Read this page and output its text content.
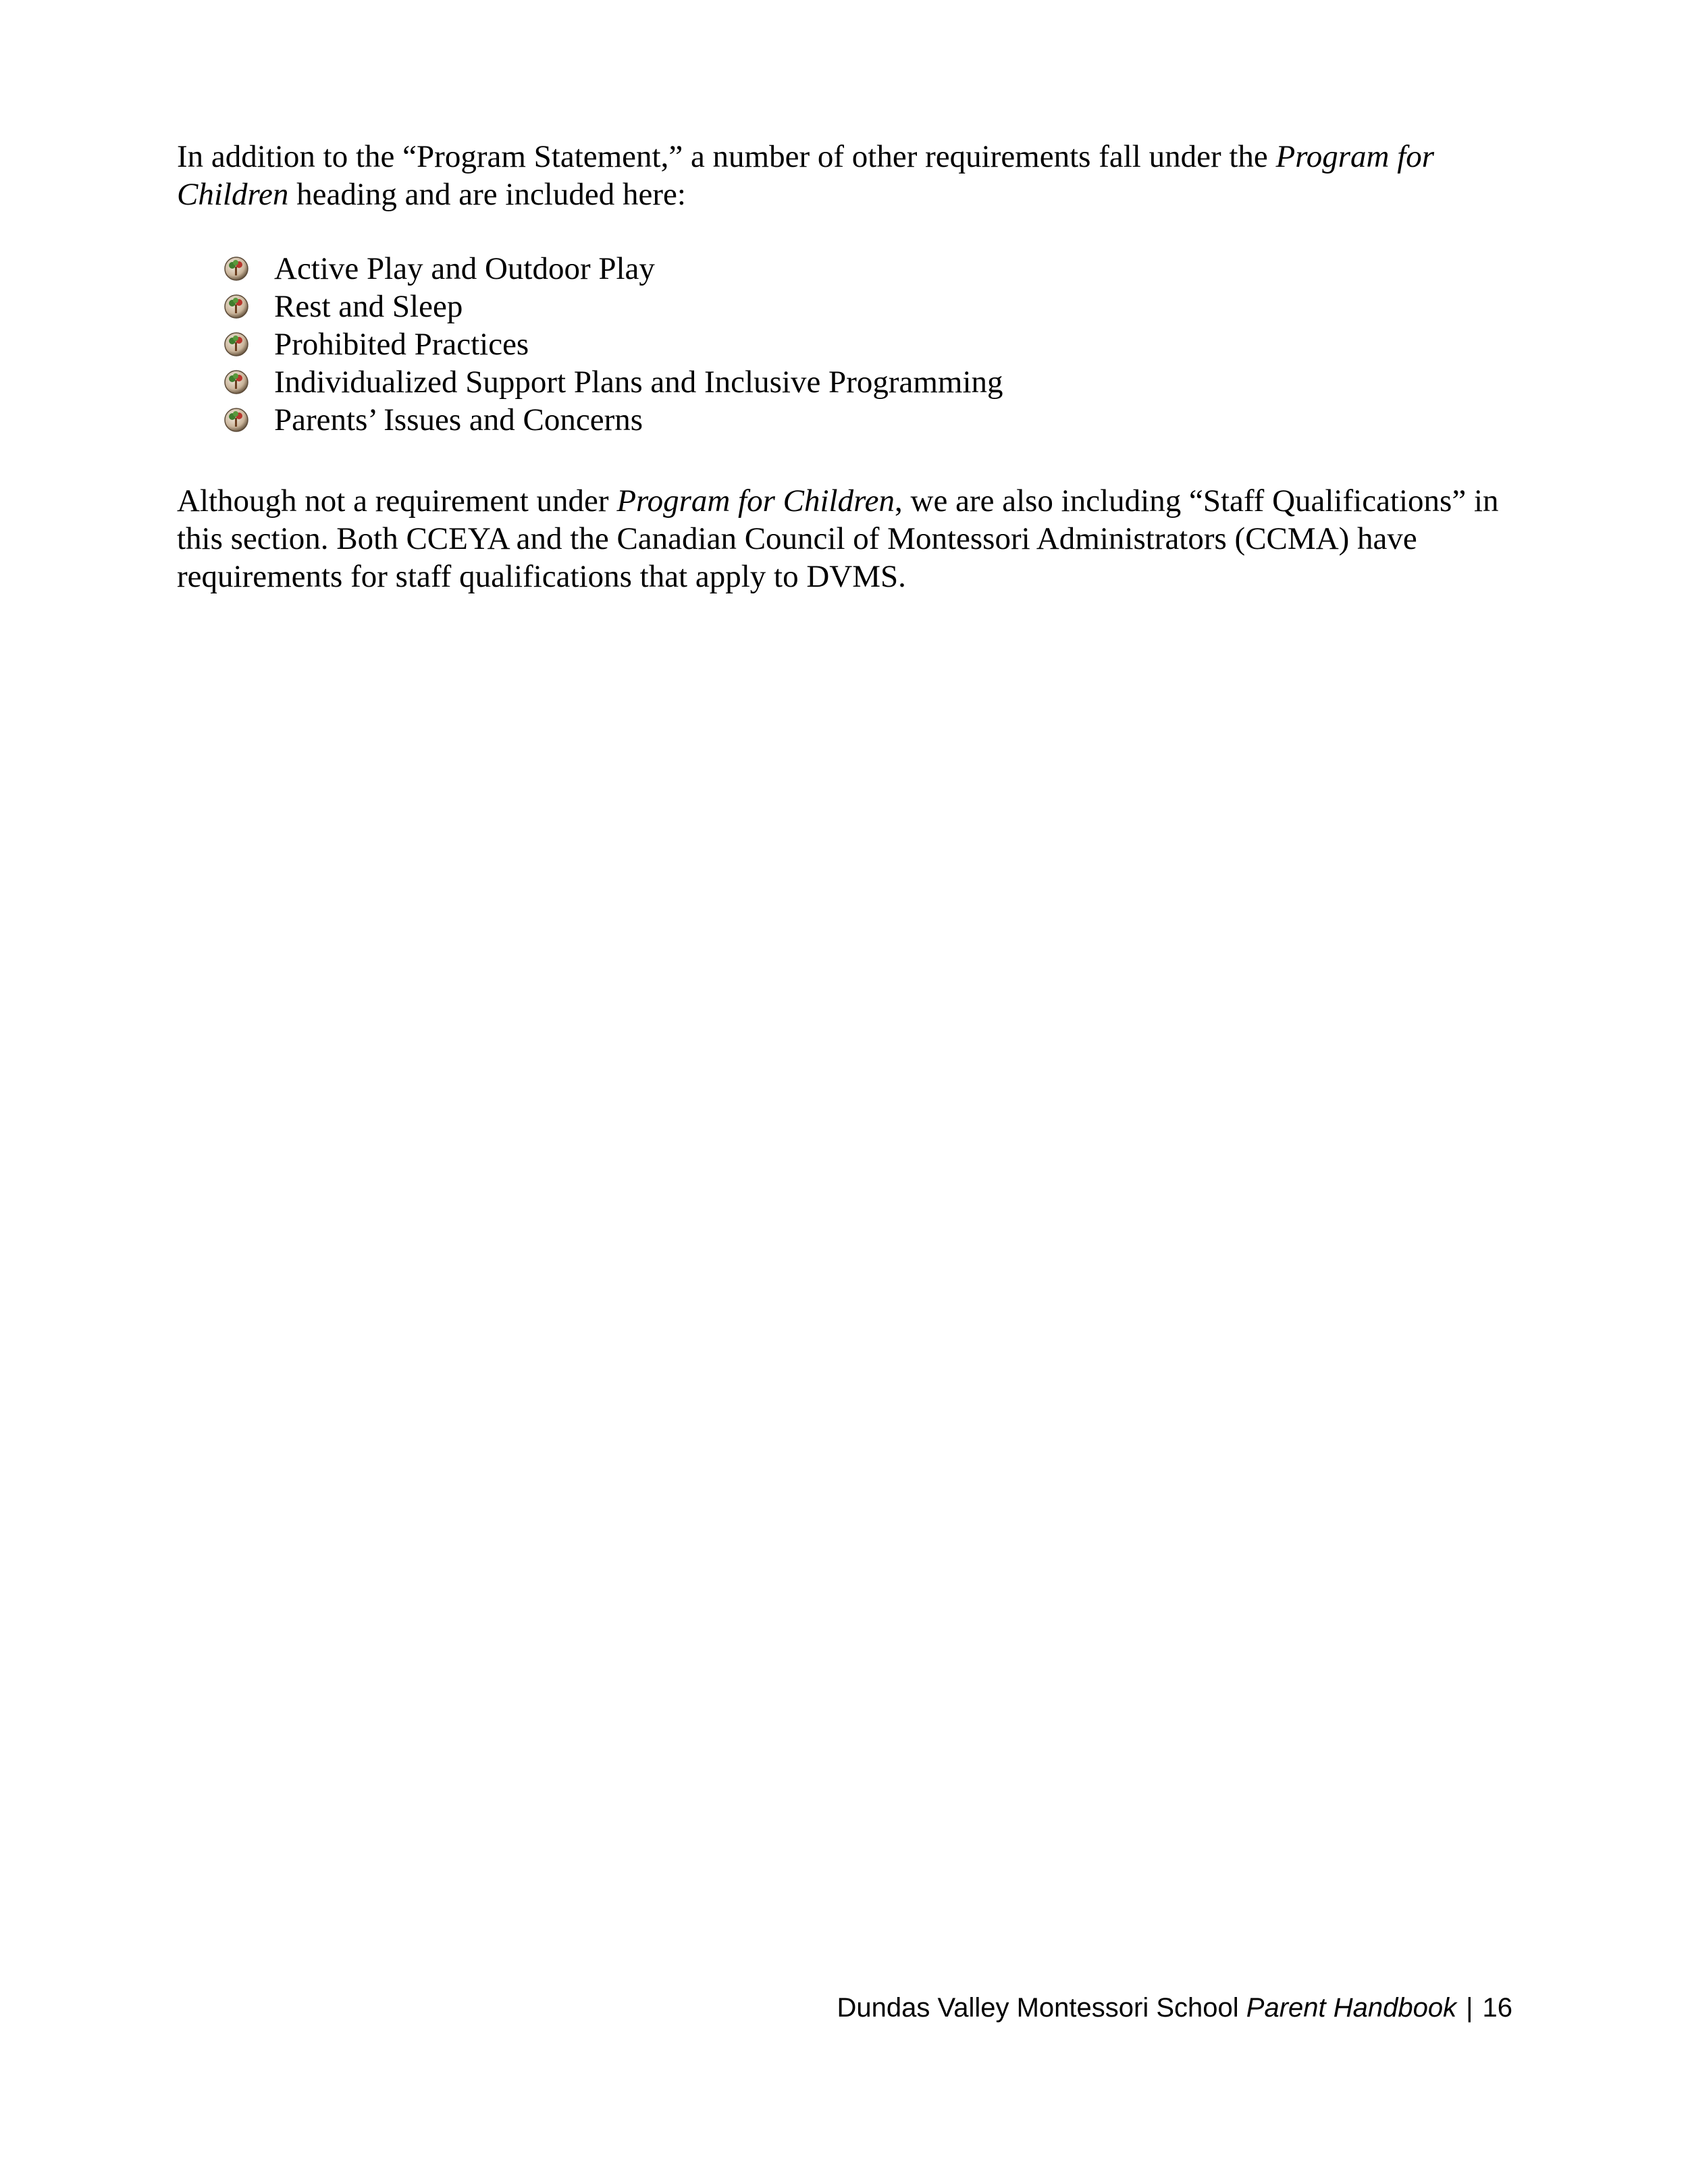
In addition to the “Program Statement,” a number of other requirements fall under the Program for Children heading and are included here:

Active Play and Outdoor Play
Rest and Sleep
Prohibited Practices
Individualized Support Plans and Inclusive Programming
Parents’ Issues and Concerns

Although not a requirement under Program for Children, we are also including “Staff Qualifications” in this section. Both CCEYA and the Canadian Council of Montessori Administrators (CCMA) have requirements for staff qualifications that apply to DVMS.

Dundas Valley Montessori School Parent Handbook | 16
